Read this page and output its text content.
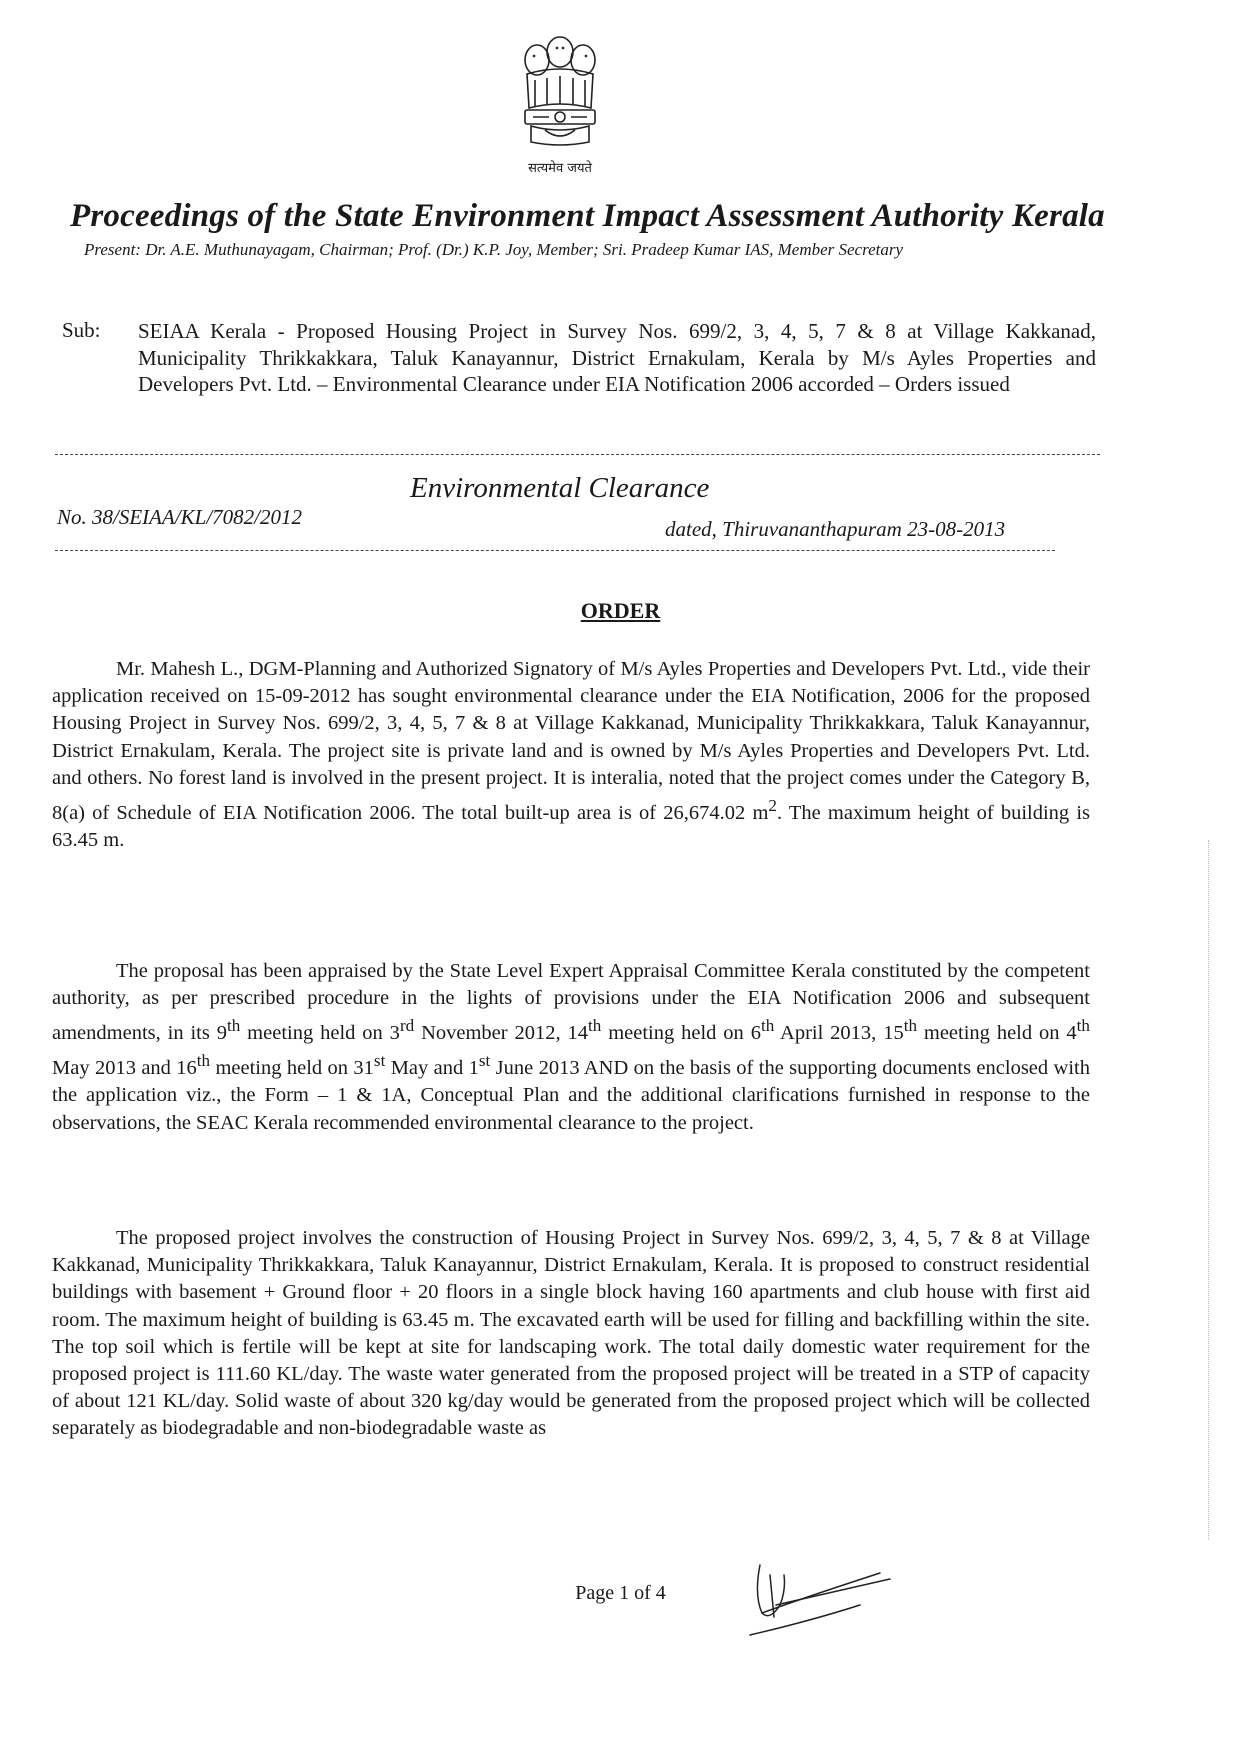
सत्यमेव जयते
Proceedings of the State Environment Impact Assessment Authority Kerala
Present: Dr. A.E. Muthunayagam, Chairman; Prof. (Dr.) K.P. Joy, Member; Sri. Pradeep Kumar IAS, Member Secretary
Sub: SEIAA Kerala - Proposed Housing Project in Survey Nos. 699/2, 3, 4, 5, 7 & 8 at Village Kakkanad, Municipality Thrikkakkara, Taluk Kanayannur, District Ernakulam, Kerala by M/s Ayles Properties and Developers Pvt. Ltd. – Environmental Clearance under EIA Notification 2006 accorded – Orders issued
Environmental Clearance
No. 38/SEIAA/KL/7082/2012	dated, Thiruvananthapuram 23-08-2013
ORDER

Mr. Mahesh L., DGM-Planning and Authorized Signatory of M/s Ayles Properties and Developers Pvt. Ltd., vide their application received on 15-09-2012 has sought environmental clearance under the EIA Notification, 2006 for the proposed Housing Project in Survey Nos. 699/2, 3, 4, 5, 7 & 8 at Village Kakkanad, Municipality Thrikkakkara, Taluk Kanayannur, District Ernakulam, Kerala. The project site is private land and is owned by M/s Ayles Properties and Developers Pvt. Ltd. and others. No forest land is involved in the present project. It is interalia, noted that the project comes under the Category B, 8(a) of Schedule of EIA Notification 2006. The total built-up area is of 26,674.02 $m^2$. The maximum height of building is 63.45 m.

The proposal has been appraised by the State Level Expert Appraisal Committee Kerala constituted by the competent authority, as per prescribed procedure in the lights of provisions under the EIA Notification 2006 and subsequent amendments, in its 9th meeting held on 3rd November 2012, 14th meeting held on 6th April 2013, 15th meeting held on 4th May 2013 and 16th meeting held on 31st May and 1st June 2013 AND on the basis of the supporting documents enclosed with the application viz., the Form – 1 & 1A, Conceptual Plan and the additional clarifications furnished in response to the observations, the SEAC Kerala recommended environmental clearance to the project.

The proposed project involves the construction of Housing Project in Survey Nos. 699/2, 3, 4, 5, 7 & 8 at Village Kakkanad, Municipality Thrikkakkara, Taluk Kanayannur, District Ernakulam, Kerala. It is proposed to construct residential buildings with basement + Ground floor + 20 floors in a single block having 160 apartments and club house with first aid room. The maximum height of building is 63.45 m. The excavated earth will be used for filling and backfilling within the site. The top soil which is fertile will be kept at site for landscaping work. The total daily domestic water requirement for the proposed project is 111.60 KL/day. The waste water generated from the proposed project will be treated in a STP of capacity of about 121 KL/day. Solid waste of about 320 kg/day would be generated from the proposed project which will be collected separately as biodegradable and non-biodegradable waste as

Page 1 of 4
